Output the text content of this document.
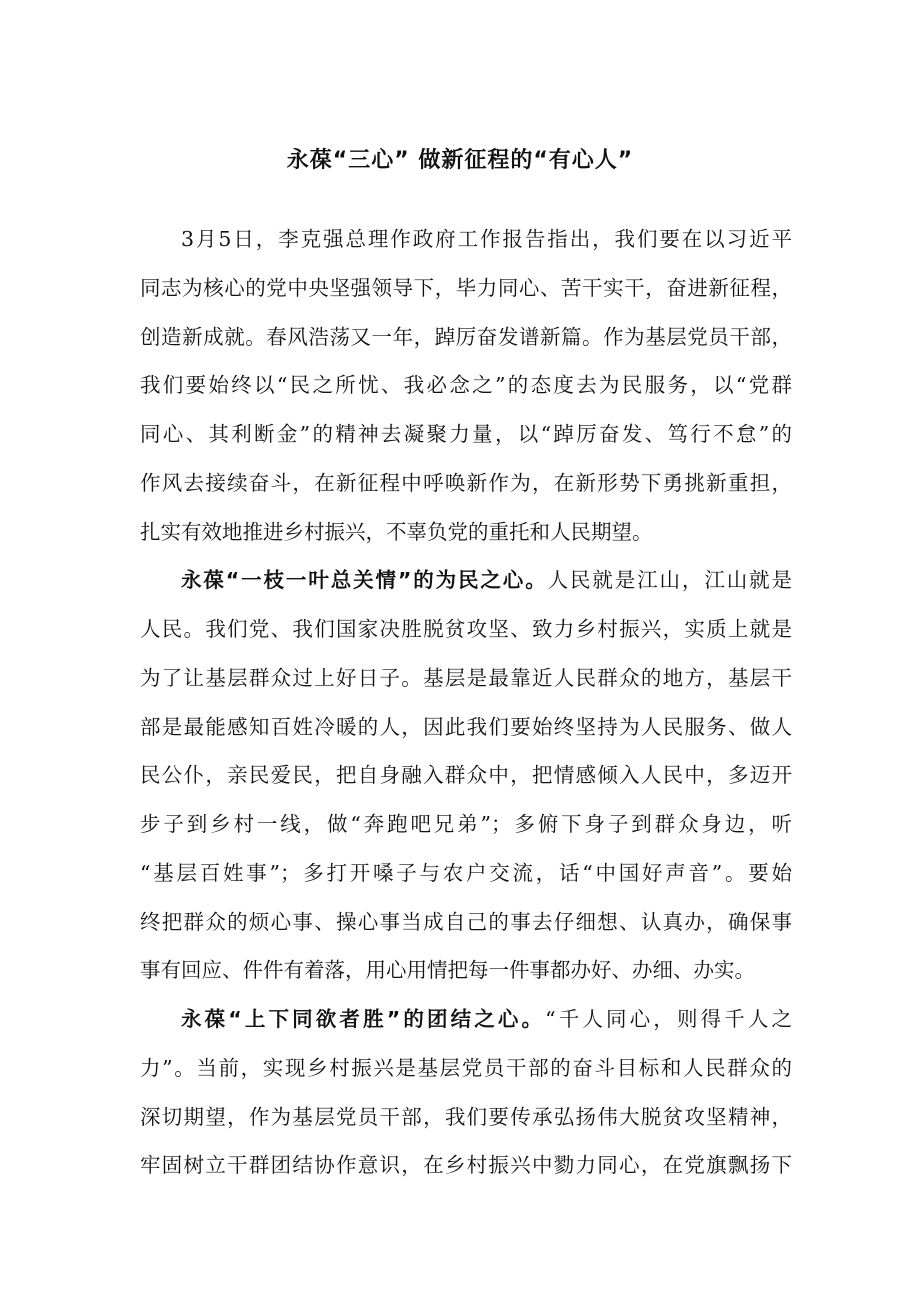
永葆“三心” 做新征程的“有心人”
3月5日，李克强总理作政府工作报告指出，我们要在以习近平
同志为核心的党中央坚强领导下，毕力同心、苦干实干，奋进新征程，
创造新成就。春风浩荡又一年，踔厉奋发谱新篇。作为基层党员干部，
我们要始终以“民之所忧、我必念之”的态度去为民服务，以“党群
同心、其利断金”的精神去凝聚力量，以“踔厉奋发、笃行不怠”的
作风去接续奋斗，在新征程中呼唤新作为，在新形势下勇挑新重担，
扎实有效地推进乡村振兴，不辜负党的重托和人民期望。
永葆“一枝一叶总关情”的为民之心。人民就是江山，江山就是
人民。我们党、我们国家决胜脱贫攻坚、致力乡村振兴，实质上就是
为了让基层群众过上好日子。基层是最靠近人民群众的地方，基层干
部是最能感知百姓冷暖的人，因此我们要始终坚持为人民服务、做人
民公仆，亲民爱民，把自身融入群众中，把情感倾入人民中，多迈开
步子到乡村一线，做“奔跑吧兄弟”；多俯下身子到群众身边，听
“基层百姓事”；多打开嗓子与农户交流，话“中国好声音”。要始
终把群众的烦心事、操心事当成自己的事去仔细想、认真办，确保事
事有回应、件件有着落，用心用情把每一件事都办好、办细、办实。
永葆“上下同欲者胜”的团结之心。“千人同心，则得千人之
力”。当前，实现乡村振兴是基层党员干部的奋斗目标和人民群众的
深切期望，作为基层党员干部，我们要传承弘扬伟大脱贫攻坚精神，
牢固树立干群团结协作意识，在乡村振兴中勠力同心，在党旗飘扬下
